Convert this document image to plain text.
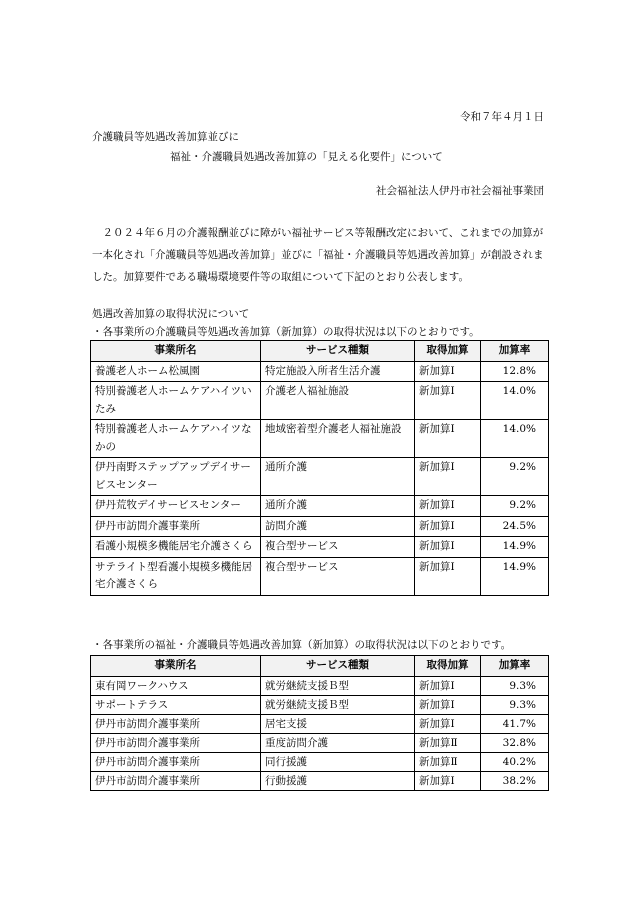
令和７年４月１日
介護職員等処遇改善加算並びに
福祉・介護職員処遇改善加算の「見える化要件」について
社会福祉法人伊丹市社会福祉事業団
　２０２４年６月の介護報酬並びに障がい福祉サービス等報酬改定において、これまでの加算が一本化され「介護職員等処遇改善加算」並びに「福祉・介護職員等処遇改善加算」が創設されました。加算要件である職場環境要件等の取組について下記のとおり公表します。
処遇改善加算の取得状況について
・各事業所の介護職員等処遇改善加算（新加算）の取得状況は以下のとおりです。
事業所名	サービス種類	取得加算	加算率
養護老人ホーム松風園	特定施設入所者生活介護	新加算Ⅰ	12.8%
特別養護老人ホームケアハイツいたみ	介護老人福祉施設	新加算Ⅰ	14.0%
特別養護老人ホームケアハイツなかの	地域密着型介護老人福祉施設	新加算Ⅰ	14.0%
伊丹南野ステップアップデイサービスセンター	通所介護	新加算Ⅰ	9.2%
伊丹荒牧デイサービスセンター	通所介護	新加算Ⅰ	9.2%
伊丹市訪問介護事業所	訪問介護	新加算Ⅰ	24.5%
看護小規模多機能居宅介護さくら	複合型サービス	新加算Ⅰ	14.9%
サテライト型看護小規模多機能居宅介護さくら	複合型サービス	新加算Ⅰ	14.9%
・各事業所の福祉・介護職員等処遇改善加算（新加算）の取得状況は以下のとおりです。
事業所名	サービス種類	取得加算	加算率
東有岡ワークハウス	就労継続支援Ｂ型	新加算Ⅰ	9.3%
サポートテラス	就労継続支援Ｂ型	新加算Ⅰ	9.3%
伊丹市訪問介護事業所	居宅支援	新加算Ⅰ	41.7%
伊丹市訪問介護事業所	重度訪問介護	新加算Ⅱ	32.8%
伊丹市訪問介護事業所	同行援護	新加算Ⅱ	40.2%
伊丹市訪問介護事業所	行動援護	新加算Ⅰ	38.2%
